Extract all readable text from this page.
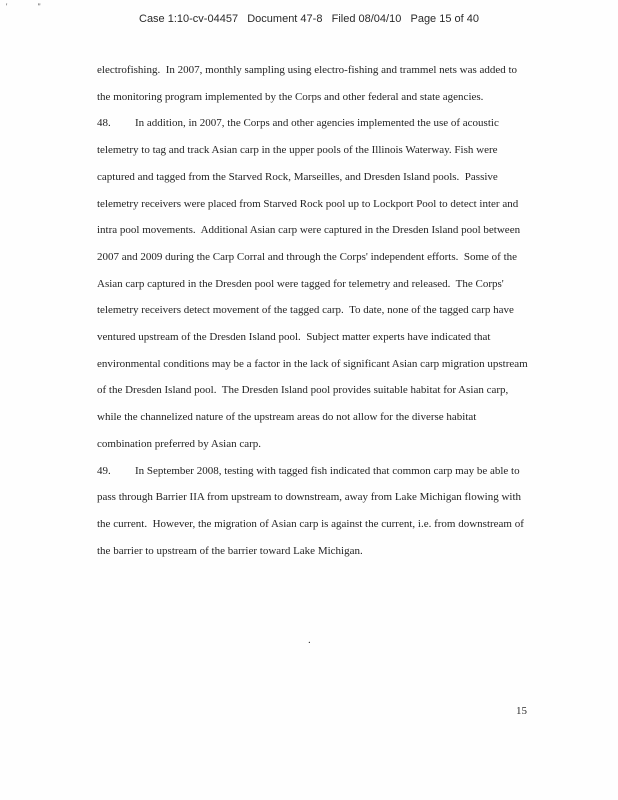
' "
Case 1:10-cv-04457   Document 47-8   Filed 08/04/10   Page 15 of 40

electrofishing.  In 2007, monthly sampling using electro-fishing and trammel nets was added to the monitoring program implemented by the Corps and other federal and state agencies.

48. In addition, in 2007, the Corps and other agencies implemented the use of acoustic telemetry to tag and track Asian carp in the upper pools of the Illinois Waterway. Fish were captured and tagged from the Starved Rock, Marseilles, and Dresden Island pools.  Passive telemetry receivers were placed from Starved Rock pool up to Lockport Pool to detect inter and intra pool movements.  Additional Asian carp were captured in the Dresden Island pool between 2007 and 2009 during the Carp Corral and through the Corps' independent efforts.  Some of the Asian carp captured in the Dresden pool were tagged for telemetry and released.  The Corps' telemetry receivers detect movement of the tagged carp.  To date, none of the tagged carp have ventured upstream of the Dresden Island pool.  Subject matter experts have indicated that environmental conditions may be a factor in the lack of significant Asian carp migration upstream of the Dresden Island pool.  The Dresden Island pool provides suitable habitat for Asian carp, while the channelized nature of the upstream areas do not allow for the diverse habitat combination preferred by Asian carp.

49. In September 2008, testing with tagged fish indicated that common carp may be able to pass through Barrier IIA from upstream to downstream, away from Lake Michigan flowing with the current.  However, the migration of Asian carp is against the current, i.e. from downstream of the barrier to upstream of the barrier toward Lake Michigan.

.
15
